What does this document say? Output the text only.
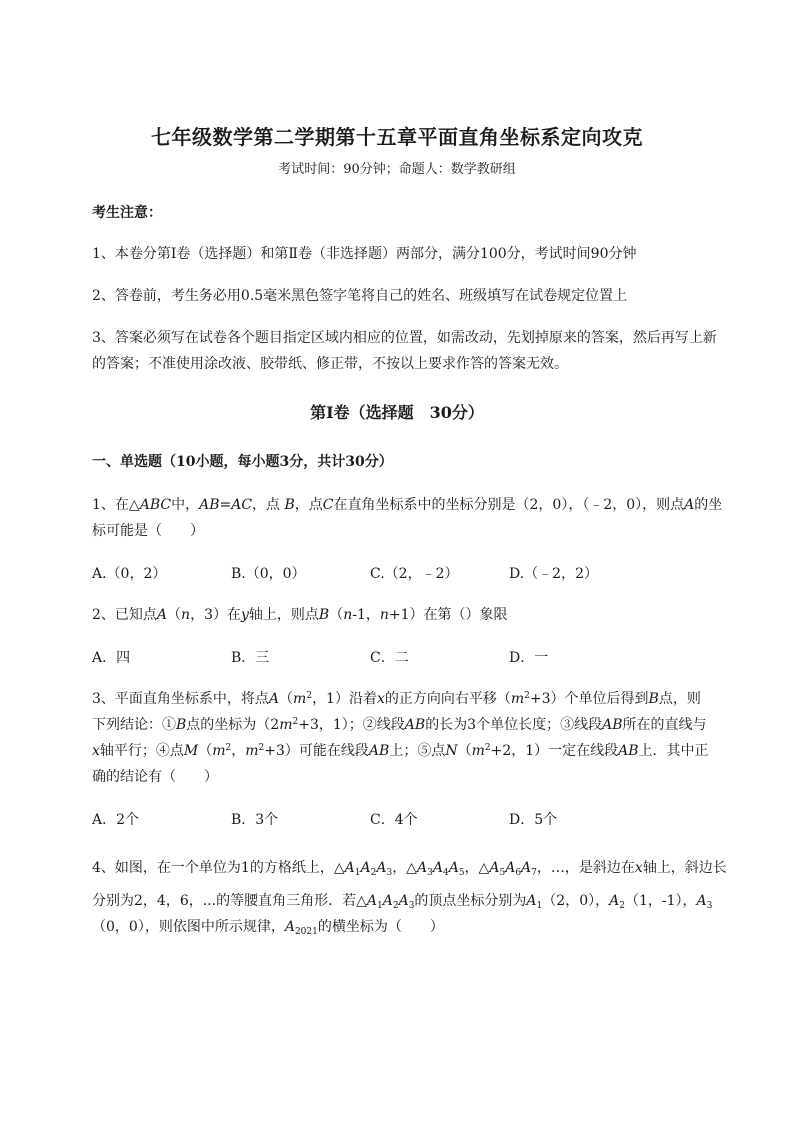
七年级数学第二学期第十五章平面直角坐标系定向攻克
考试时间：90分钟；命题人：数学教研组
考生注意：
1、本卷分第I卷（选择题）和第Ⅱ卷（非选择题）两部分，满分100分，考试时间90分钟
2、答卷前，考生务必用0.5毫米黑色签字笔将自己的姓名、班级填写在试卷规定位置上
3、答案必须写在试卷各个题目指定区域内相应的位置，如需改动，先划掉原来的答案，然后再写上新
的答案；不准使用涂改液、胶带纸、修正带，不按以上要求作答的答案无效。
第I卷（选择题　30分）
一、单选题（10小题，每小题3分，共计30分）
1、在△ABC中，AB=AC，点 B，点C在直角坐标系中的坐标分别是（2，0），（﹣2，0），则点A的坐
标可能是（　　）
A.（0，2）	B.（0，0）	C.（2，﹣2）	D.（﹣2，2）
2、已知点A（n，3）在y轴上，则点B（n-1，n+1）在第（）象限
A．四	B．三	C．二	D．一
3、平面直角坐标系中，将点$A(m^2$，1）沿着x的正方向向右平移$(m^2+3)$个单位后得到B点，则
下列结论：①B点的坐标为（$2m^2+3$，1）；②线段AB的长为3个单位长度；③线段AB所在的直线与
x轴平行；④点$M(m^2$，$m^2+3$）可能在线段AB上；⑤点$N(m^2+2$，1）一定在线段AB上．其中正
确的结论有（　　）
A．2个	B．3个	C．4个	D．5个
4、如图，在一个单位为1的方格纸上，$\triangle A_1A_2A_3$，$\triangle A_3A_4A_5$，$\triangle A_5A_6A_7$，…，是斜边在x轴上，斜边长
分别为2，4，6，...的等腰直角三角形．若$\triangle A_1A_2A_3$的顶点坐标分别为$A_1(2$，0），$A_2(1$，-1），$A_3$
（0，0），则依图中所示规律，$A_{2021}$的横坐标为（　　）
